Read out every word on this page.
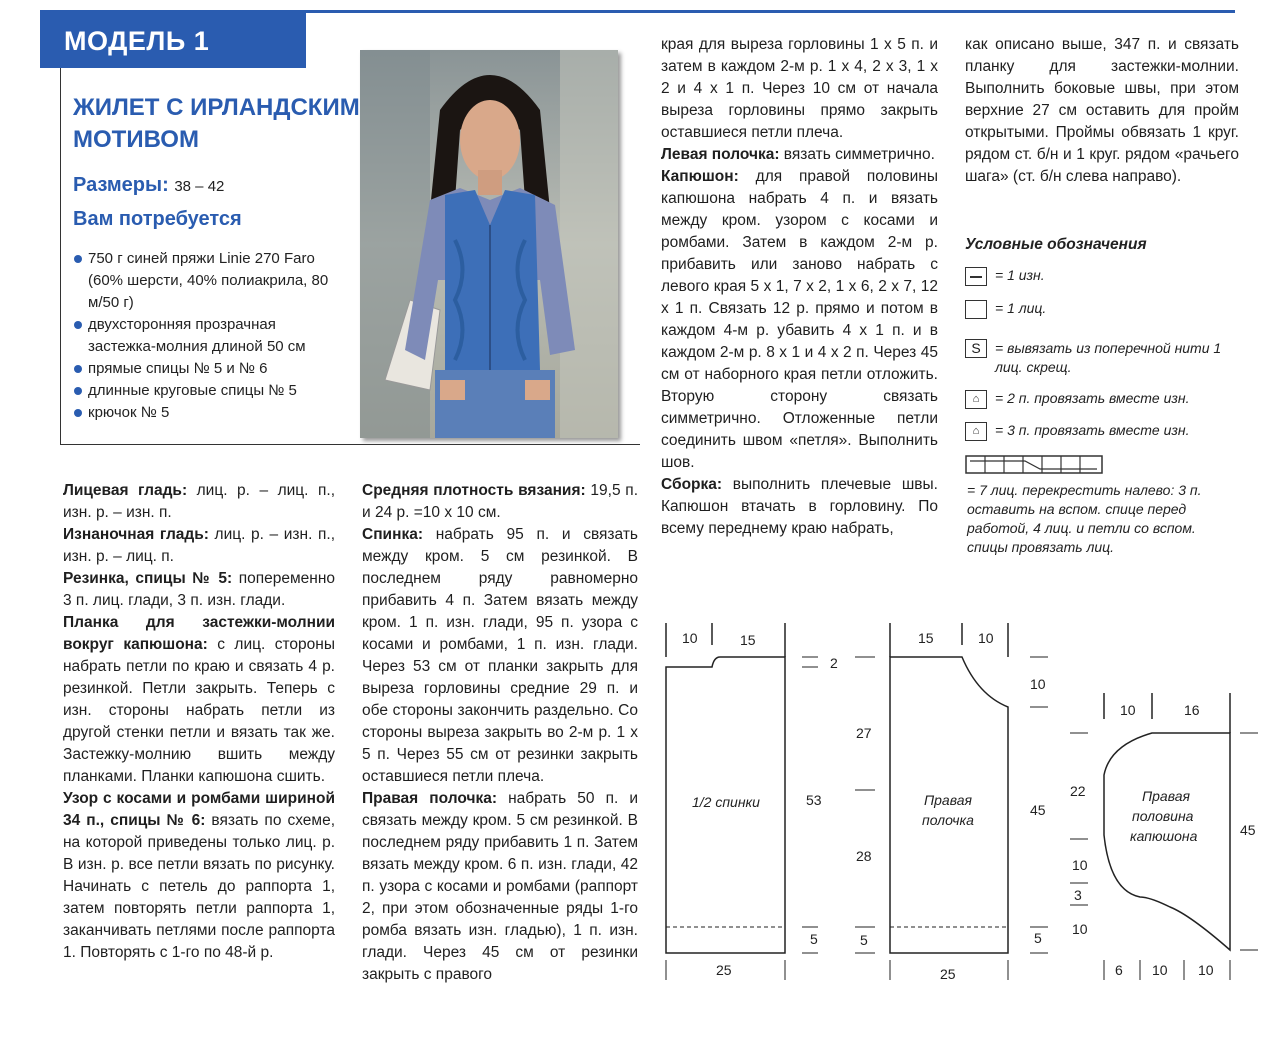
МОДЕЛЬ 1
ЖИЛЕТ С ИРЛАНДСКИМ
МОТИВОМ
Размеры: 38 – 42
Вам потребуется
750 г синей пряжи Linie 270 Faro (60% шерсти, 40% полиакрила, 80 м/50 г)
двухсторонняя прозрачная застежка-молния длиной 50 см
прямые спицы № 5 и № 6
длинные круговые спицы № 5
крючок № 5

Лицевая гладь: лиц. р. – лиц. п., изн. р. – изн. п.

Изнаночная гладь: лиц. р. – изн. п., изн. р. – лиц. п.

Резинка, спицы № 5: попеременно 3 п. лиц. глади, 3 п. изн. глади.

Планка для застежки-молнии вокруг капюшона: с лиц. стороны набрать петли по краю и связать 4 р. резинкой. Петли закрыть. Теперь с изн. стороны набрать петли из другой стенки петли и вязать так же. Застежку-молнию вшить между планками. Планки капюшона сшить.

Узор с косами и ромбами шириной 34 п., спицы № 6: вязать по схеме, на которой приведены только лиц. р. В изн. р. все петли вязать по рисунку. Начинать с петель до раппорта 1, затем повторять петли раппорта 1, заканчивать петлями после раппорта 1. Повторять с 1-го по 48-й р.

Средняя плотность вязания: 19,5 п. и 24 р. =10 х 10 см.

Спинка: набрать 95 п. и связать между кром. 5 см резинкой. В последнем ряду равномерно прибавить 4 п. Затем вязать между кром. 1 п. изн. глади, 95 п. узора с косами и ромбами, 1 п. изн. глади. Через 53 см от планки закрыть для выреза горловины средние 29 п. и обе стороны закончить раздельно. Со стороны выреза закрыть во 2-м р. 1 х 5 п. Через 55 см от резинки закрыть оставшиеся петли плеча.

Правая полочка: набрать 50 п. и связать между кром. 5 см резинкой. В последнем ряду прибавить 1 п. Затем вязать между кром. 6 п. изн. глади, 42 п. узора с косами и ромбами (раппорт 2, при этом обозначенные ряды 1-го ромба вязать изн. гладью), 1 п. изн. глади. Через 45 см от резинки закрыть с правого

края для выреза горловины 1 х 5 п. и затем в каждом 2-м р. 1 х 4, 2 х 3, 1 х 2 и 4 х 1 п. Через 10 см от начала выреза горловины прямо закрыть оставшиеся петли плеча.

Левая полочка: вязать симметрично.

Капюшон: для правой половины капюшона набрать 4 п. и вязать между кром. узором с косами и ромбами. Затем в каждом 2-м р. прибавить или заново набрать с левого края 5 х 1, 7 х 2, 1 х 6, 2 х 7, 12 х 1 п. Связать 12 р. прямо и потом в каждом 4-м р. убавить 4 х 1 п. и в каждом 2-м р. 8 х 1 и 4 х 2 п. Через 45 см от наборного края петли отложить. Вторую сторону связать симметрично. Отложенные петли соединить швом «петля». Выполнить шов.

Сборка: выполнить плечевые швы. Капюшон втачать в горловину. По всему переднему краю набрать,

как описано выше, 347 п. и связать планку для застежки-молнии. Выполнить боковые швы, при этом верхние 27 см оставить для пройм открытыми. Проймы обвязать 1 круг. рядом ст. б/н и 1 круг. рядом «рачьего шага» (ст. б/н слева направо).

Условные обозначения
= 1 изн.
= 1 лиц.
S	= вывязать из поперечной нити 1 лиц. скрещ.
⌂	= 2 п. провязать вместе изн.
⌂	= 3 п. провязать вместе изн.
= 7 лиц. перекрестить налево: 3 п. оставить на вспом. спице перед работой, 4 лиц. и петли со вспом. спицы провязать лиц.
10	15
2
53
5
25
1/2 спинки
15	10
10
27
28
45
5	5
25
Правая
полочка
10	16
22
10
3
10
45
6 10 10
Правая
половина
капюшона
